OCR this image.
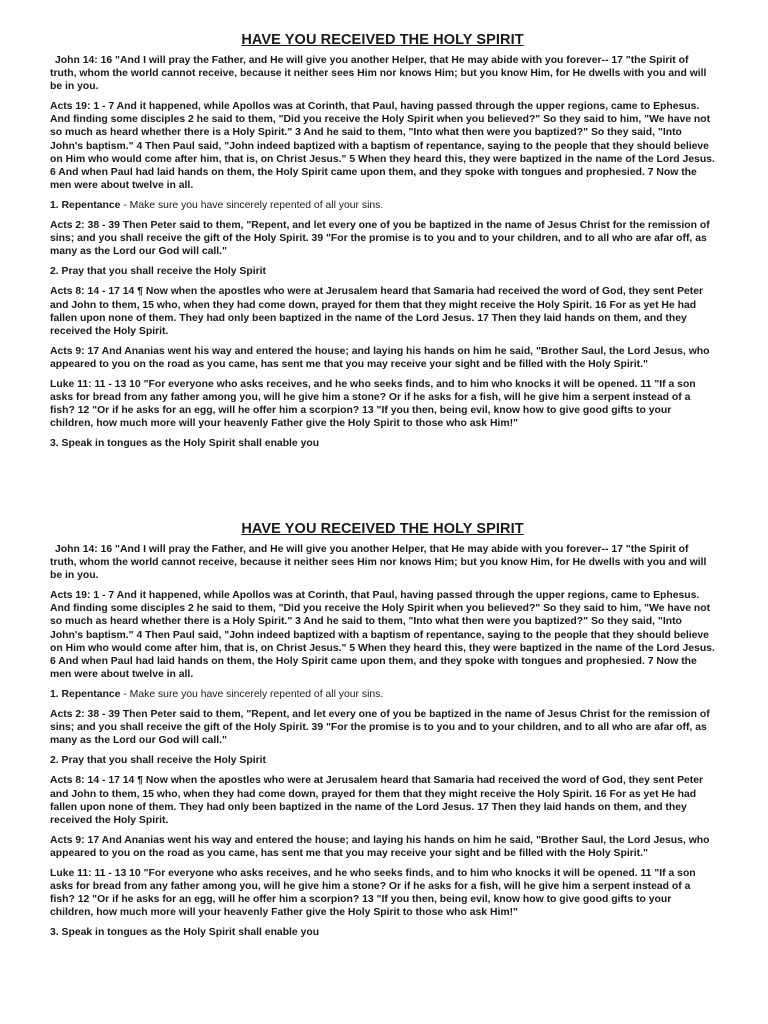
HAVE YOU RECEIVED THE HOLY SPIRIT

John 14: 16 "And I will pray the Father, and He will give you another Helper, that He may abide with you forever-- 17 "the Spirit of truth, whom the world cannot receive, because it neither sees Him nor knows Him; but you know Him, for He dwells with you and will be in you.

Acts 19: 1 - 7 And it happened, while Apollos was at Corinth, that Paul, having passed through the upper regions, came to Ephesus. And finding some disciples 2 he said to them, "Did you receive the Holy Spirit when you believed?" So they said to him, "We have not so much as heard whether there is a Holy Spirit." 3 And he said to them, "Into what then were you baptized?" So they said, "Into John's baptism." 4 Then Paul said, "John indeed baptized with a baptism of repentance, saying to the people that they should believe on Him who would come after him, that is, on Christ Jesus." 5 When they heard this, they were baptized in the name of the Lord Jesus. 6 And when Paul had laid hands on them, the Holy Spirit came upon them, and they spoke with tongues and prophesied. 7 Now the men were about twelve in all.

1. Repentance - Make sure you have sincerely repented of all your sins.

Acts 2: 38 - 39 Then Peter said to them, "Repent, and let every one of you be baptized in the name of Jesus Christ for the remission of sins; and you shall receive the gift of the Holy Spirit. 39 "For the promise is to you and to your children, and to all who are afar off, as many as the Lord our God will call."

2. Pray that you shall receive the Holy Spirit

Acts 8: 14 - 17 14 ¶ Now when the apostles who were at Jerusalem heard that Samaria had received the word of God, they sent Peter and John to them, 15 who, when they had come down, prayed for them that they might receive the Holy Spirit. 16 For as yet He had fallen upon none of them. They had only been baptized in the name of the Lord Jesus. 17 Then they laid hands on them, and they received the Holy Spirit.

Acts 9: 17 And Ananias went his way and entered the house; and laying his hands on him he said, "Brother Saul, the Lord Jesus, who appeared to you on the road as you came, has sent me that you may receive your sight and be filled with the Holy Spirit."

Luke 11: 11 - 13 10 "For everyone who asks receives, and he who seeks finds, and to him who knocks it will be opened. 11 "If a son asks for bread from any father among you, will he give him a stone? Or if he asks for a fish, will he give him a serpent instead of a fish? 12 "Or if he asks for an egg, will he offer him a scorpion? 13 "If you then, being evil, know how to give good gifts to your children, how much more will your heavenly Father give the Holy Spirit to those who ask Him!"

3. Speak in tongues as the Holy Spirit shall enable you

HAVE YOU RECEIVED THE HOLY SPIRIT

John 14: 16 "And I will pray the Father, and He will give you another Helper, that He may abide with you forever-- 17 "the Spirit of truth, whom the world cannot receive, because it neither sees Him nor knows Him; but you know Him, for He dwells with you and will be in you.

Acts 19: 1 - 7 And it happened, while Apollos was at Corinth, that Paul, having passed through the upper regions, came to Ephesus. And finding some disciples 2 he said to them, "Did you receive the Holy Spirit when you believed?" So they said to him, "We have not so much as heard whether there is a Holy Spirit." 3 And he said to them, "Into what then were you baptized?" So they said, "Into John's baptism." 4 Then Paul said, "John indeed baptized with a baptism of repentance, saying to the people that they should believe on Him who would come after him, that is, on Christ Jesus." 5 When they heard this, they were baptized in the name of the Lord Jesus. 6 And when Paul had laid hands on them, the Holy Spirit came upon them, and they spoke with tongues and prophesied. 7 Now the men were about twelve in all.

1. Repentance - Make sure you have sincerely repented of all your sins.

Acts 2: 38 - 39 Then Peter said to them, "Repent, and let every one of you be baptized in the name of Jesus Christ for the remission of sins; and you shall receive the gift of the Holy Spirit. 39 "For the promise is to you and to your children, and to all who are afar off, as many as the Lord our God will call."

2. Pray that you shall receive the Holy Spirit

Acts 8: 14 - 17 14 ¶ Now when the apostles who were at Jerusalem heard that Samaria had received the word of God, they sent Peter and John to them, 15 who, when they had come down, prayed for them that they might receive the Holy Spirit. 16 For as yet He had fallen upon none of them. They had only been baptized in the name of the Lord Jesus. 17 Then they laid hands on them, and they received the Holy Spirit.

Acts 9: 17 And Ananias went his way and entered the house; and laying his hands on him he said, "Brother Saul, the Lord Jesus, who appeared to you on the road as you came, has sent me that you may receive your sight and be filled with the Holy Spirit."

Luke 11: 11 - 13 10 "For everyone who asks receives, and he who seeks finds, and to him who knocks it will be opened. 11 "If a son asks for bread from any father among you, will he give him a stone? Or if he asks for a fish, will he give him a serpent instead of a fish? 12 "Or if he asks for an egg, will he offer him a scorpion? 13 "If you then, being evil, know how to give good gifts to your children, how much more will your heavenly Father give the Holy Spirit to those who ask Him!"

3. Speak in tongues as the Holy Spirit shall enable you
